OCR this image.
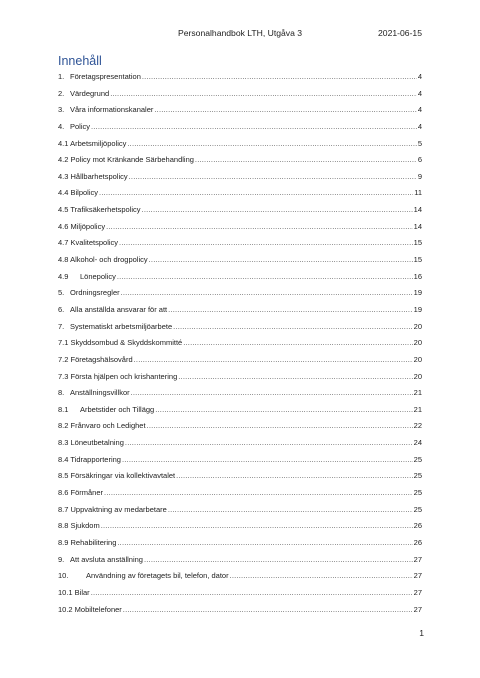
Personalhandbok LTH, Utgåva 3	2021-06-15
Innehåll
1. Företagspresentation .....	4
2. Värdegrund .....	4
3. Våra informationskanaler .....	4
4. Policy .....	4
4.1 Arbetsmiljöpolicy .....	5
4.2 Policy mot Kränkande Särbehandling .....	6
4.3 Hållbarhetspolicy .....	9
4.4 Bilpolicy .....	11
4.5 Trafiksäkerhetspolicy .....	14
4.6 Miljöpolicy .....	14
4.7 Kvalitetspolicy .....	15
4.8 Alkohol- och drogpolicy .....	15
4.9	Lönepolicy .....	16
5. Ordningsregler .....	19
6. Alla anställda ansvarar för att .....	19
7. Systematiskt arbetsmiljöarbete .....	20
7.1 Skyddsombud & Skyddskommitté .....	20
7.2 Företagshälsovård .....	20
7.3 Första hjälpen och krishantering .....	20
8. Anställningsvillkor .....	21
8.1	Arbetstider och Tillägg .....	21
8.2 Frånvaro och Ledighet .....	22
8.3 Löneutbetalning .....	24
8.4 Tidrapportering .....	25
8.5 Försäkringar via kollektivavtalet .....	25
8.6 Förmåner .....	25
8.7 Uppvaktning av medarbetare .....	25
8.8 Sjukdom .....	26
8.9 Rehabilitering .....	26
9. Att avsluta anställning .....	27
10.	Användning av företagets bil, telefon, dator .....	27
10.1 Bilar .....	27
10.2 Mobiltelefoner .....	27
1
